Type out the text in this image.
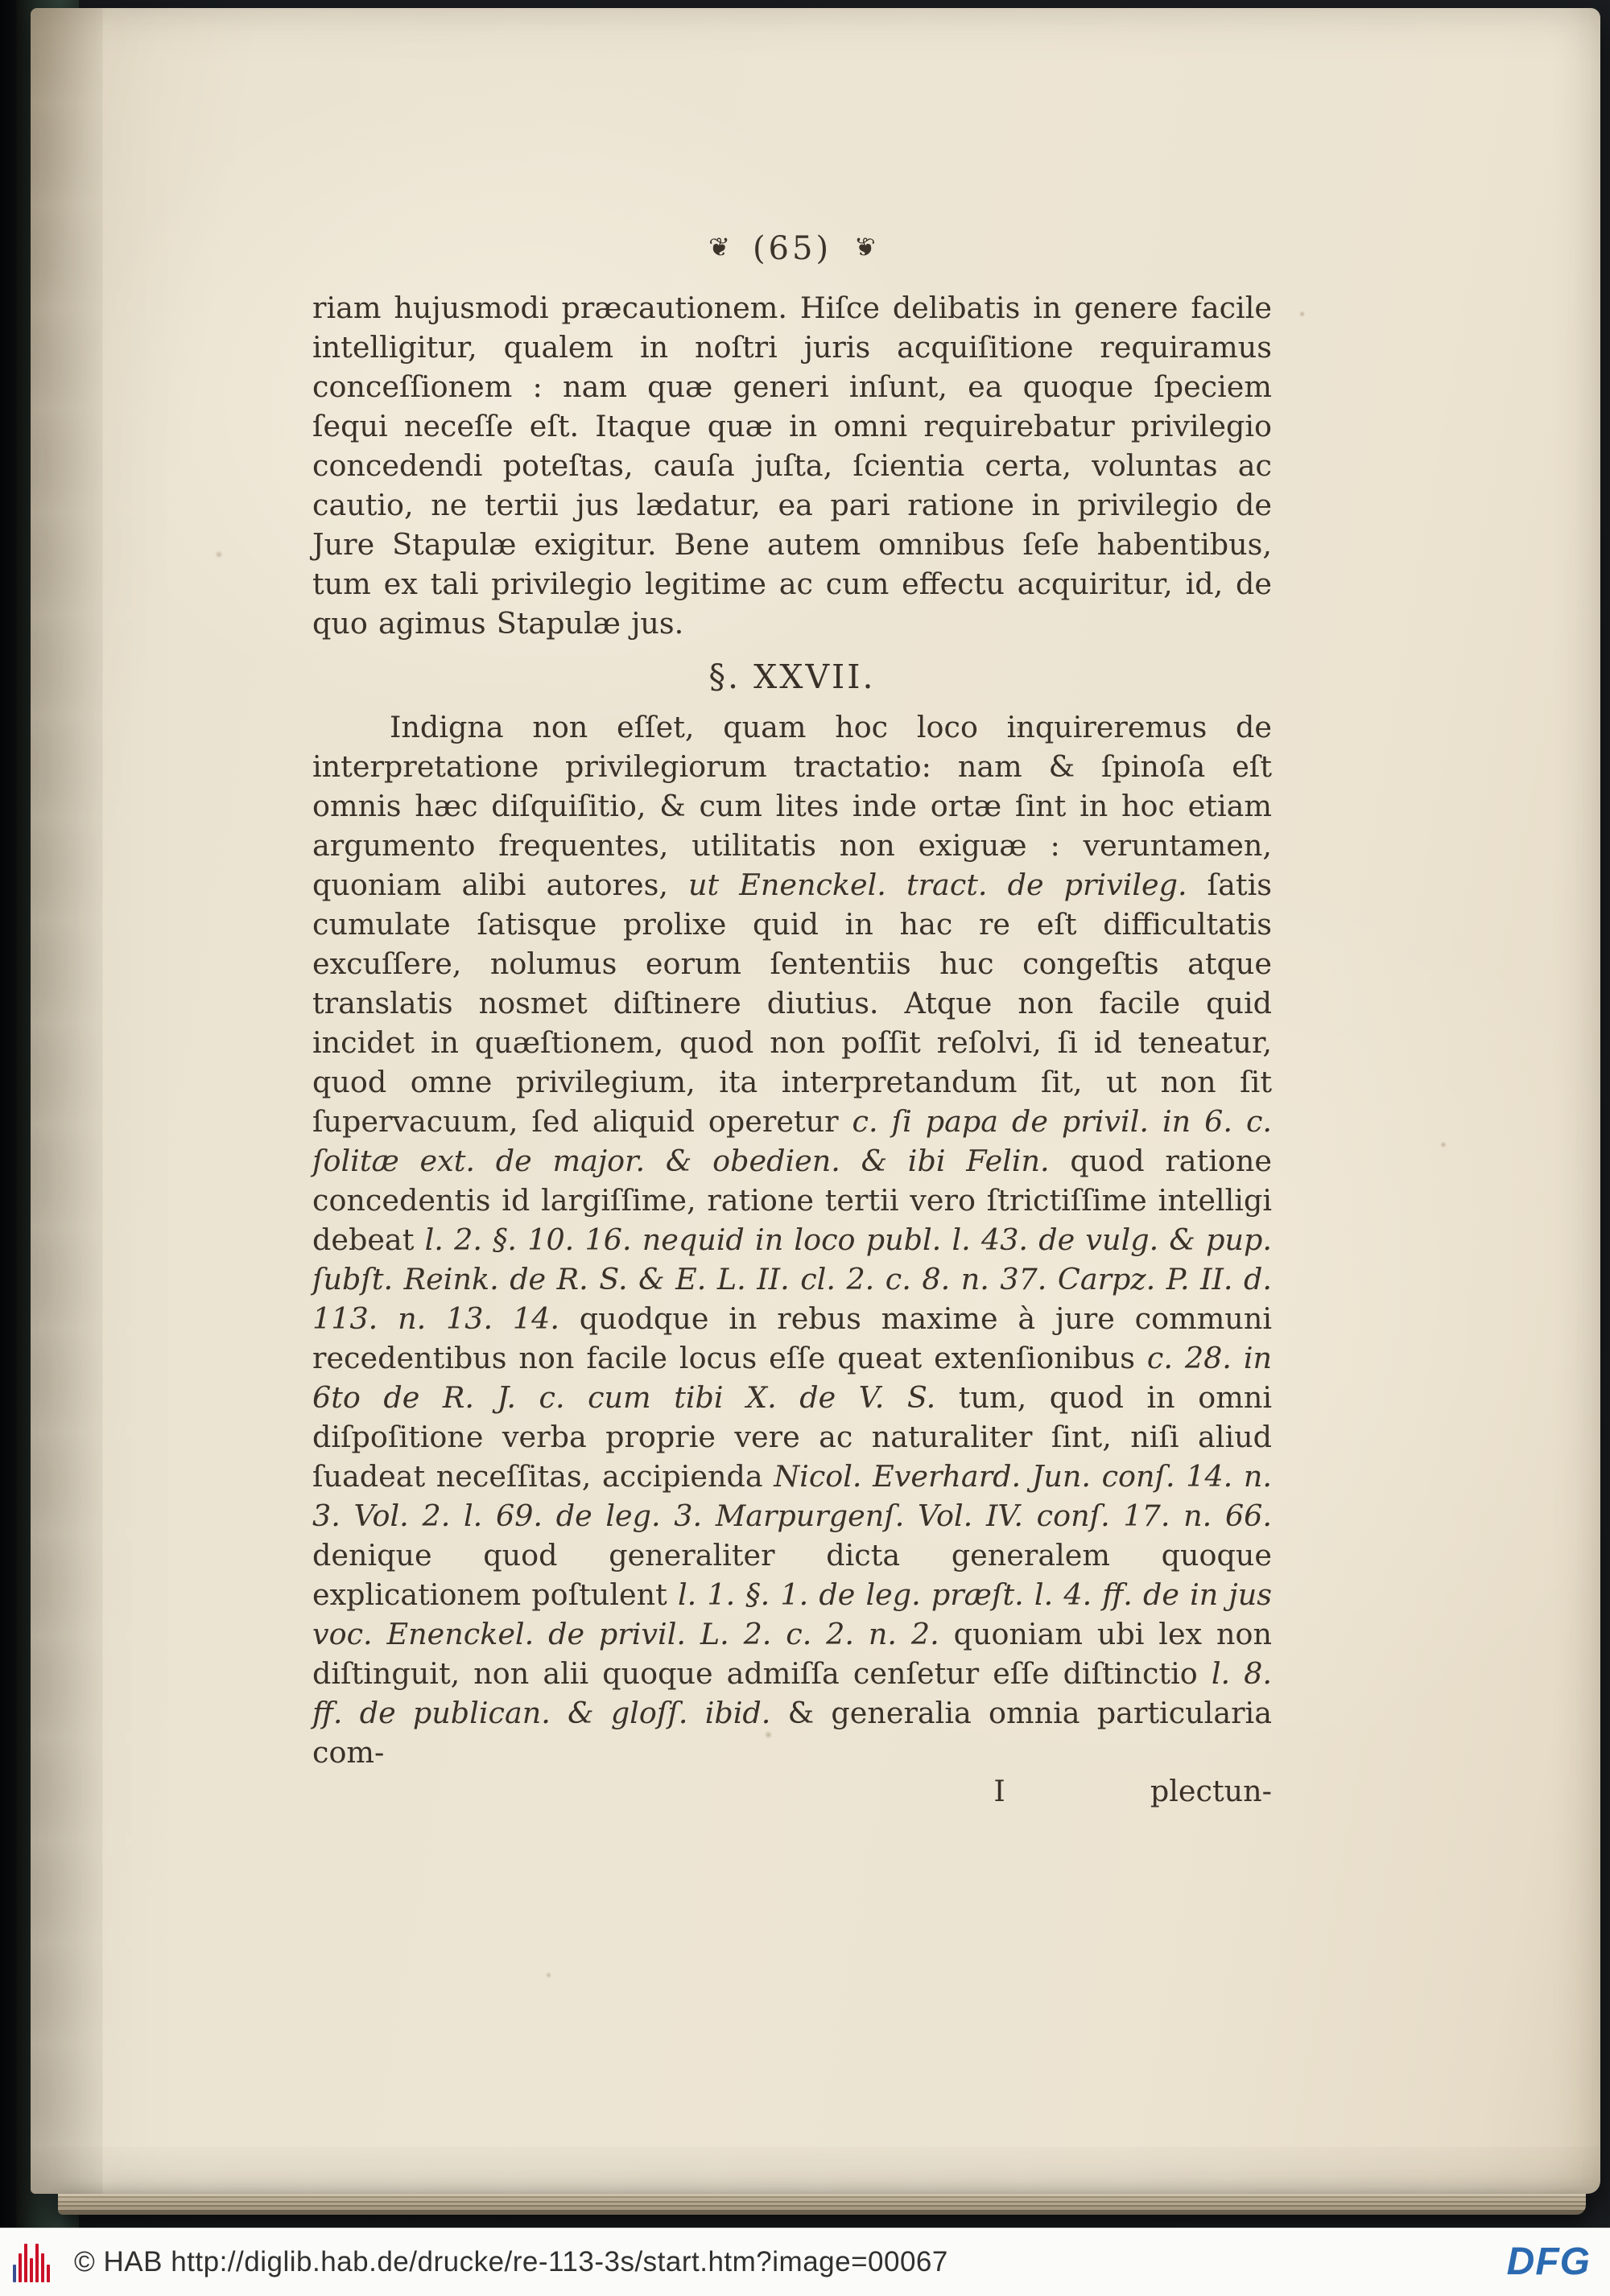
❦ (65) ❦

riam hujusmodi præcautionem. Hiſce delibatis in genere facile intelligitur, qualem in noſtri juris acquiſitione requiramus conceſſionem : nam quæ generi inſunt, ea quoque ſpeciem ſequi neceſſe eſt. Itaque quæ in omni requirebatur privilegio concedendi poteſtas, cauſa juſta, ſcientia certa, voluntas ac cautio, ne tertii jus lædatur, ea pari ratione in privilegio de Jure Stapulæ exigitur. Bene autem omnibus ſeſe habentibus, tum ex tali privilegio legitime ac cum effectu acquiritur, id, de quo agimus Stapulæ jus.

§. XXVII.

Indigna non eſſet, quam hoc loco inquireremus de interpretatione privilegiorum tractatio: nam & ſpinoſa eſt omnis hæc diſquiſitio, & cum lites inde ortæ ſint in hoc etiam argumento frequentes, utilitatis non exiguæ : veruntamen, quoniam alibi autores, ut Enenckel. tract. de privileg. ſatis cumulate ſatisque prolixe quid in hac re eſt difficultatis excuſſere, nolumus eorum ſententiis huc congeſtis atque translatis nosmet diſtinere diutius. Atque non facile quid incidet in quæſtionem, quod non poſſit reſolvi, ſi id teneatur, quod omne privilegium, ita interpretandum ſit, ut non ſit ſupervacuum, ſed aliquid operetur c. ſi papa de privil. in 6. c. ſolitæ ext. de major. & obedien. & ibi Felin. quod ratione concedentis id largiſſime, ratione tertii vero ſtrictiſſime intelligi debeat l. 2. §. 10. 16. nequid in loco publ. l. 43. de vulg. & pup. ſubſt. Reink. de R. S. & E. L. II. cl. 2. c. 8. n. 37. Carpz. P. II. d. 113. n. 13. 14. quodque in rebus maxime à jure communi recedentibus non facile locus eſſe queat extenſionibus c. 28. in 6to de R. J. c. cum tibi X. de V. S. tum, quod in omni diſpoſitione verba proprie vere ac naturaliter ſint, niſi aliud ſuadeat neceſſitas, accipienda Nicol. Everhard. Jun. conſ. 14. n. 3. Vol. 2. l. 69. de leg. 3. Marpurgenſ. Vol. IV. conſ. 17. n. 66. denique quod generaliter dicta generalem quoque explicationem poſtulent l. 1. §. 1. de leg. præſt. l. 4. ff. de in jus voc. Enenckel. de privil. L. 2. c. 2. n. 2. quoniam ubi lex non diſtinguit, non alii quoque admiſſa cenſetur eſſe diſtinctio l. 8. ff. de publican. & gloſſ. ibid. & generalia omnia particularia com-

I	plectun-
© HAB http://diglib.hab.de/drucke/re-113-3s/start.htm?image=00067	DFG
